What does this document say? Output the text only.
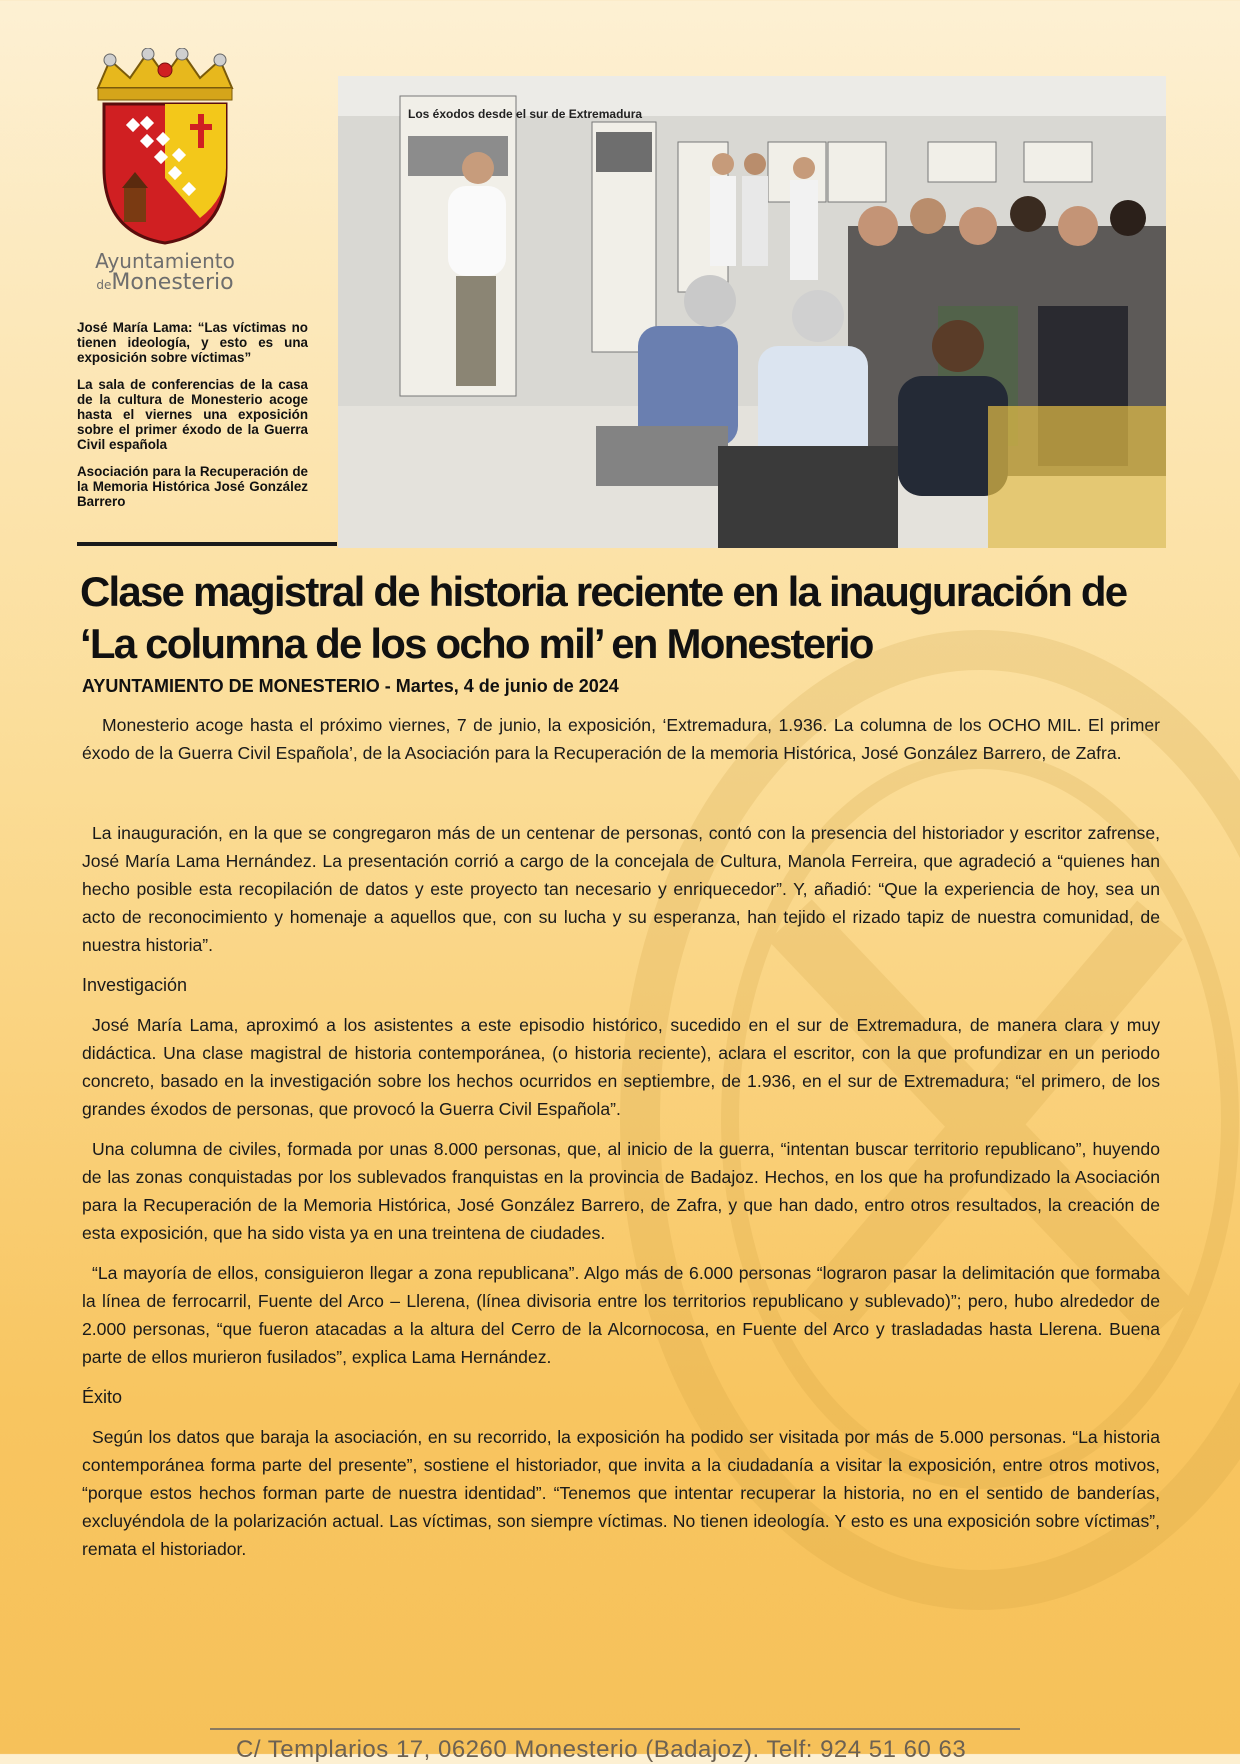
Ayuntamiento
deMonesterio

José María Lama: “Las víctimas no tienen ideología, y esto es una exposición sobre víctimas”

La sala de conferencias de la casa de la cultura de Monesterio acoge hasta el viernes una exposición sobre el primer éxodo de la Guerra Civil española

Asociación para la Recuperación de la Memoria Histórica José González Barrero

Los éxodos desde el sur de Extremadura
Clase magistral de historia reciente en la inauguración de ‘La columna de los ocho mil’ en Monesterio

AYUNTAMIENTO DE MONESTERIO - Martes, 4 de junio de 2024

Monesterio acoge hasta el próximo viernes, 7 de junio, la exposición, ‘Extremadura, 1.936. La columna de los OCHO MIL. El primer éxodo de la Guerra Civil Española’, de la Asociación para la Recuperación de la memoria Histórica, José González Barrero, de Zafra.

La inauguración, en la que se congregaron más de un centenar de personas, contó con la presencia del historiador y escritor zafrense, José María Lama Hernández. La presentación corrió a cargo de la concejala de Cultura, Manola Ferreira, que agradeció a “quienes han hecho posible esta recopilación de datos y este proyecto tan necesario y enriquecedor”. Y, añadió: “Que la experiencia de hoy, sea un acto de reconocimiento y homenaje a aquellos que, con su lucha y su esperanza, han tejido el rizado tapiz de nuestra comunidad, de nuestra historia”.

Investigación

José María Lama, aproximó a los asistentes a este episodio histórico, sucedido en el sur de Extremadura, de manera clara y muy didáctica. Una clase magistral de historia contemporánea, (o historia reciente), aclara el escritor, con la que profundizar en un periodo concreto, basado en la investigación sobre los hechos ocurridos en septiembre, de 1.936, en el sur de Extremadura; “el primero, de los grandes éxodos de personas, que provocó la Guerra Civil Española”.

Una columna de civiles, formada por unas 8.000 personas, que, al inicio de la guerra, “intentan buscar territorio republicano”, huyendo de las zonas conquistadas por los sublevados franquistas en la provincia de Badajoz. Hechos, en los que ha profundizado la Asociación para la Recuperación de la Memoria Histórica, José González Barrero, de Zafra, y que han dado, entro otros resultados, la creación de esta exposición, que ha sido vista ya en una treintena de ciudades.

“La mayoría de ellos, consiguieron llegar a zona republicana”. Algo más de 6.000 personas “lograron pasar la delimitación que formaba la línea de ferrocarril, Fuente del Arco – Llerena, (línea divisoria entre los territorios republicano y sublevado)”; pero, hubo alrededor de 2.000 personas, “que fueron atacadas a la altura del Cerro de la Alcornocosa, en Fuente del Arco y trasladadas hasta Llerena. Buena parte de ellos murieron fusilados”, explica Lama Hernández.

Éxito

Según los datos que baraja la asociación, en su recorrido, la exposición ha podido ser visitada por más de 5.000 personas. “La historia contemporánea forma parte del presente”, sostiene el historiador, que invita a la ciudadanía a visitar la exposición, entre otros motivos, “porque estos hechos forman parte de nuestra identidad”. “Tenemos que intentar recuperar la historia, no en el sentido de banderías, excluyéndola de la polarización actual. Las víctimas, son siempre víctimas. No tienen ideología. Y esto es una exposición sobre víctimas”, remata el historiador.

C/ Templarios 17, 06260 Monesterio (Badajoz). Telf: 924 51 60 63
